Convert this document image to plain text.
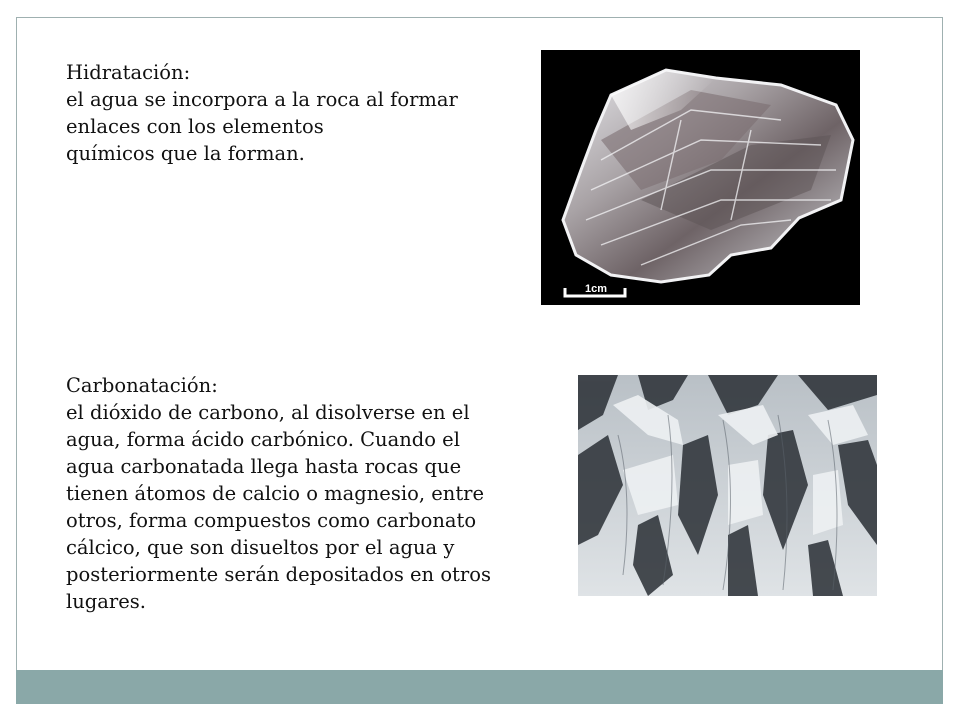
Hidratación:
el agua se incorpora a la roca al formar
enlaces con los elementos
químicos que la forman.
1cm
Carbonatación:
el dióxido de carbono, al disolverse en el
agua, forma ácido carbónico. Cuando el
agua carbonatada llega hasta rocas que
tienen átomos de calcio o magnesio, entre
otros, forma compuestos como carbonato
cálcico, que son disueltos por el agua y
posteriormente serán depositados en otros
lugares.
